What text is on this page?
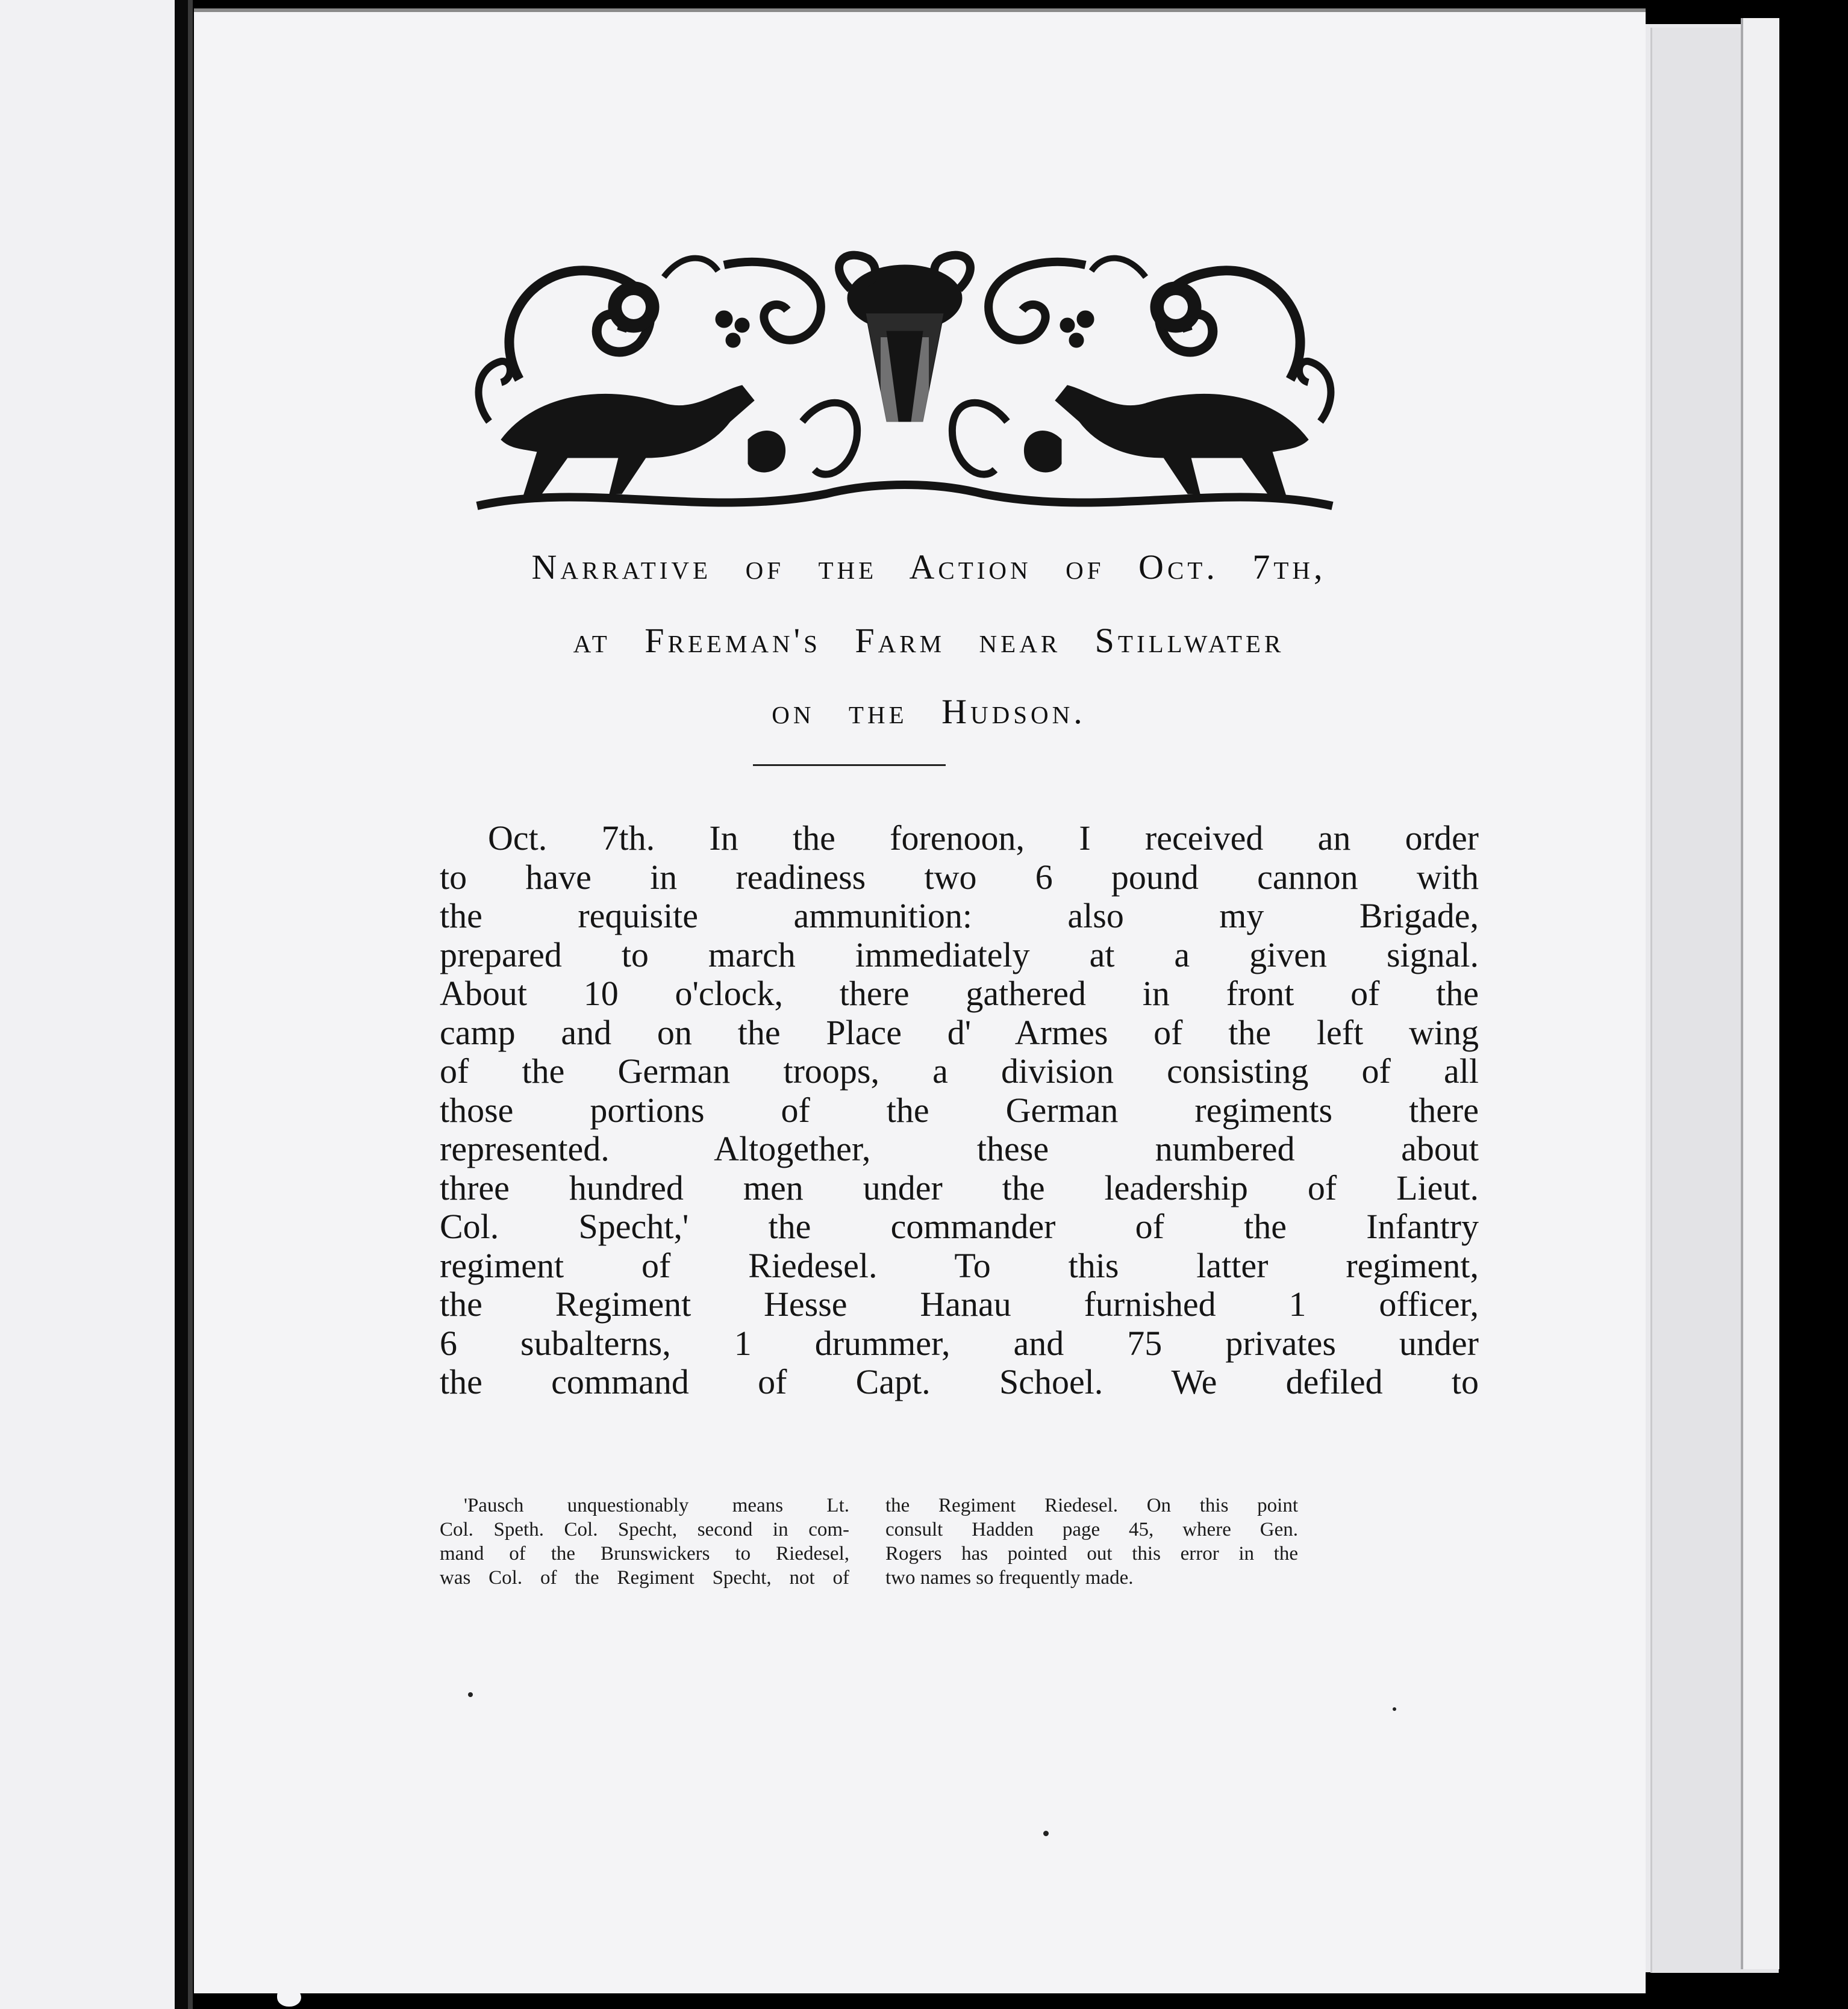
Narrative of the Action of Oct. 7th,
at Freeman's Farm near Stillwater
on the Hudson.
Oct. 7th. In the forenoon, I received an order
to have in readiness two 6 pound cannon with
the requisite ammunition: also my Brigade,
prepared to march immediately at a given signal.
About 10 o'clock, there gathered in front of the
camp and on the Place d' Armes of the left wing
of the German troops, a division consisting of all
those portions of the German regiments there
represented. Altogether, these numbered about
three hundred men under the leadership of Lieut.
Col. Specht,' the commander of the Infantry
regiment of Riedesel. To this latter regiment,
the Regiment Hesse Hanau furnished 1 officer,
6 subalterns, 1 drummer, and 75 privates under
the command of Capt. Schoel. We defiled to
'Pausch unquestionably means Lt.
Col. Speth. Col. Specht, second in com-
mand of the Brunswickers to Riedesel,
was Col. of the Regiment Specht, not of
the Regiment Riedesel. On this point
consult Hadden page 45, where Gen.
Rogers has pointed out this error in the
two names so frequently made.
